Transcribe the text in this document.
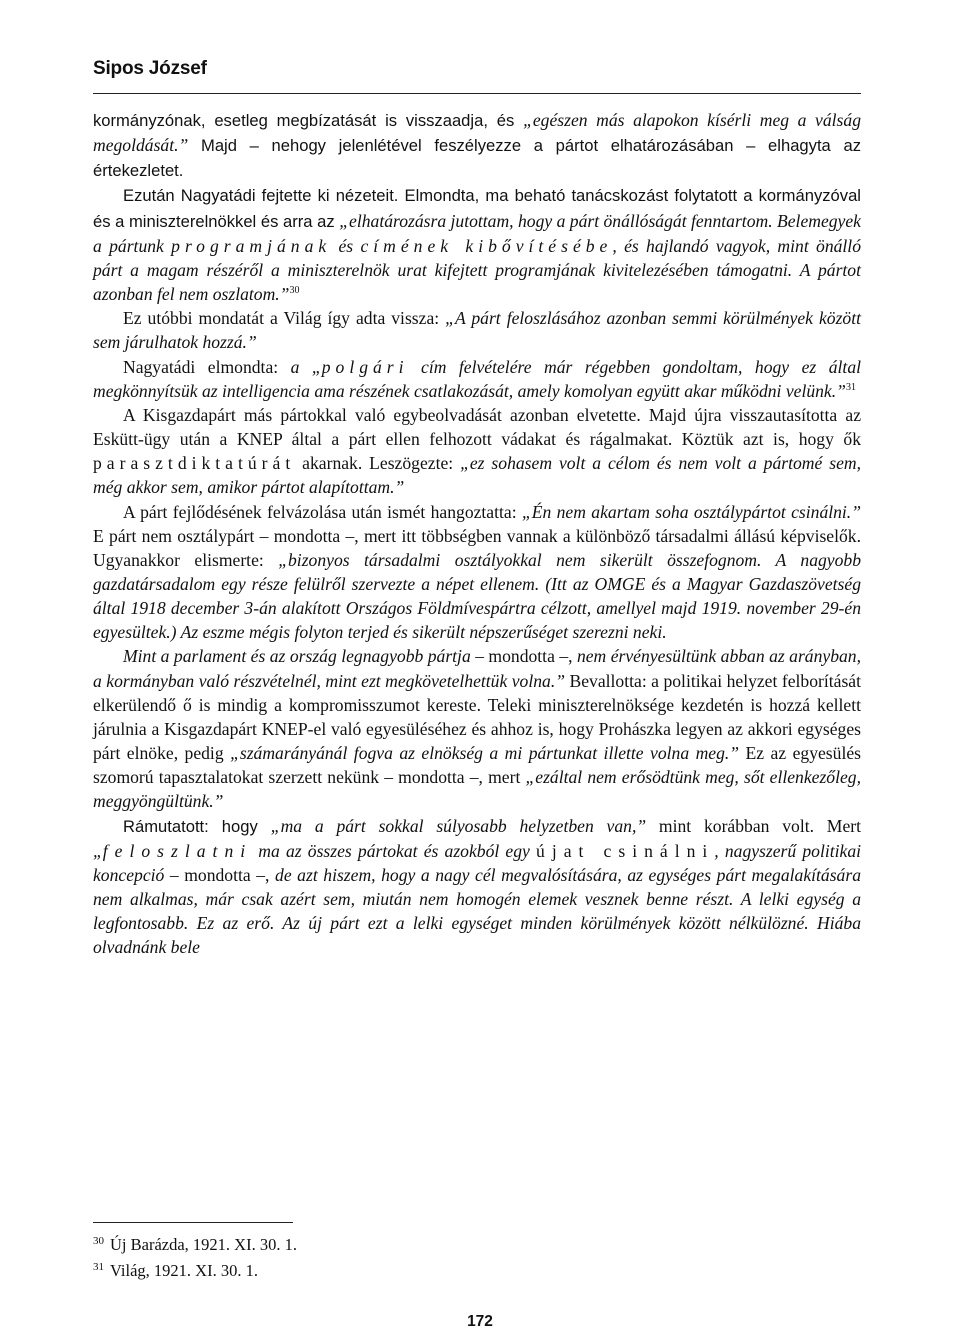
Sipos József

kormányzónak, esetleg megbízatását is visszaadja, és „egészen más alapokon kísérli meg a válság megoldását.” Majd – nehogy jelenlétével feszélyezze a pártot elhatározásában – elhagyta az értekezletet.

Ezután Nagyatádi fejtette ki nézeteit. Elmondta, ma beható tanácskozást folytatott a kormányzóval és a miniszterelnökkel és arra az „elhatározásra jutottam, hogy a párt önállóságát fenntartom. Belemegyek a pártunk programjának és címének kibővítésébe, és hajlandó vagyok, mint önálló párt a magam részéről a miniszterelnök urat kifejtett programjának kivitelezésében támogatni. A pártot azonban fel nem oszlatom.”$^{30}$

Ez utóbbi mondatát a Világ így adta vissza: „A párt feloszlásához azonban semmi körülmények között sem járulhatok hozzá.”

Nagyatádi elmondta: a „polgári cím felvételére már régebben gondoltam, hogy ez által megkönnyítsük az intelligencia ama részének csatlakozását, amely komolyan együtt akar működni velünk.”$^{31}$

A Kisgazdapárt más pártokkal való egybeolvadását azonban elvetette. Majd újra visszautasította az Eskütt-ügy után a KNEP által a párt ellen felhozott vádakat és rágalmakat. Köztük azt is, hogy ők parasztdiktatúrát akarnak. Leszögezte: „ez sohasem volt a célom és nem volt a pártomé sem, még akkor sem, amikor pártot alapítottam.”

A párt fejlődésének felvázolása után ismét hangoztatta: „Én nem akartam soha osztálypártot csinálni.” E párt nem osztálypárt – mondotta –, mert itt többségben vannak a különböző társadalmi állású képviselők. Ugyanakkor elismerte: „bizonyos társadalmi osztályokkal nem sikerült összefognom. A nagyobb gazdatársadalom egy része felülről szervezte a népet ellenem. (Itt az OMGE és a Magyar Gazdaszövetség által 1918 december 3-án alakított Országos Földmívespártra célzott, amellyel majd 1919. november 29-én egyesültek.) Az eszme mégis folyton terjed és sikerült népszerűséget szerezni neki.

Mint a parlament és az ország legnagyobb pártja – mondotta –, nem érvényesültünk abban az arányban, a kormányban való részvételnél, mint ezt megkövetelhettük volna.” Bevallotta: a politikai helyzet felborítását elkerülendő ő is mindig a kompromisszumot kereste. Teleki miniszterelnöksége kezdetén is hozzá kellett járulnia a Kisgazdapárt KNEP-el való egyesüléséhez és ahhoz is, hogy Prohászka legyen az akkori egységes párt elnöke, pedig „számarányánál fogva az elnökség a mi pártunkat illette volna meg.” Ez az egyesülés szomorú tapasztalatokat szerzett nekünk – mondotta –, mert „ezáltal nem erősödtünk meg, sőt ellenkezőleg, meggyöngültünk.”

Rámutatott: hogy „ma a párt sokkal súlyosabb helyzetben van,” mint korábban volt. Mert „feloszlatni ma az összes pártokat és azokból egy újat csinálni, nagyszerű politikai koncepció – mondotta –, de azt hiszem, hogy a nagy cél megvalósítására, az egységes párt megalakítására nem alkalmas, már csak azért sem, miután nem homogén elemek vesznek benne részt. A lelki egység a legfontosabb. Ez az erő. Az új párt ezt a lelki egységet minden körülmények között nélkülözné. Hiába olvadnánk bele

$^{30}$ Új Barázda, 1921. XI. 30. 1.
$^{31}$ Világ, 1921. XI. 30. 1.
172
